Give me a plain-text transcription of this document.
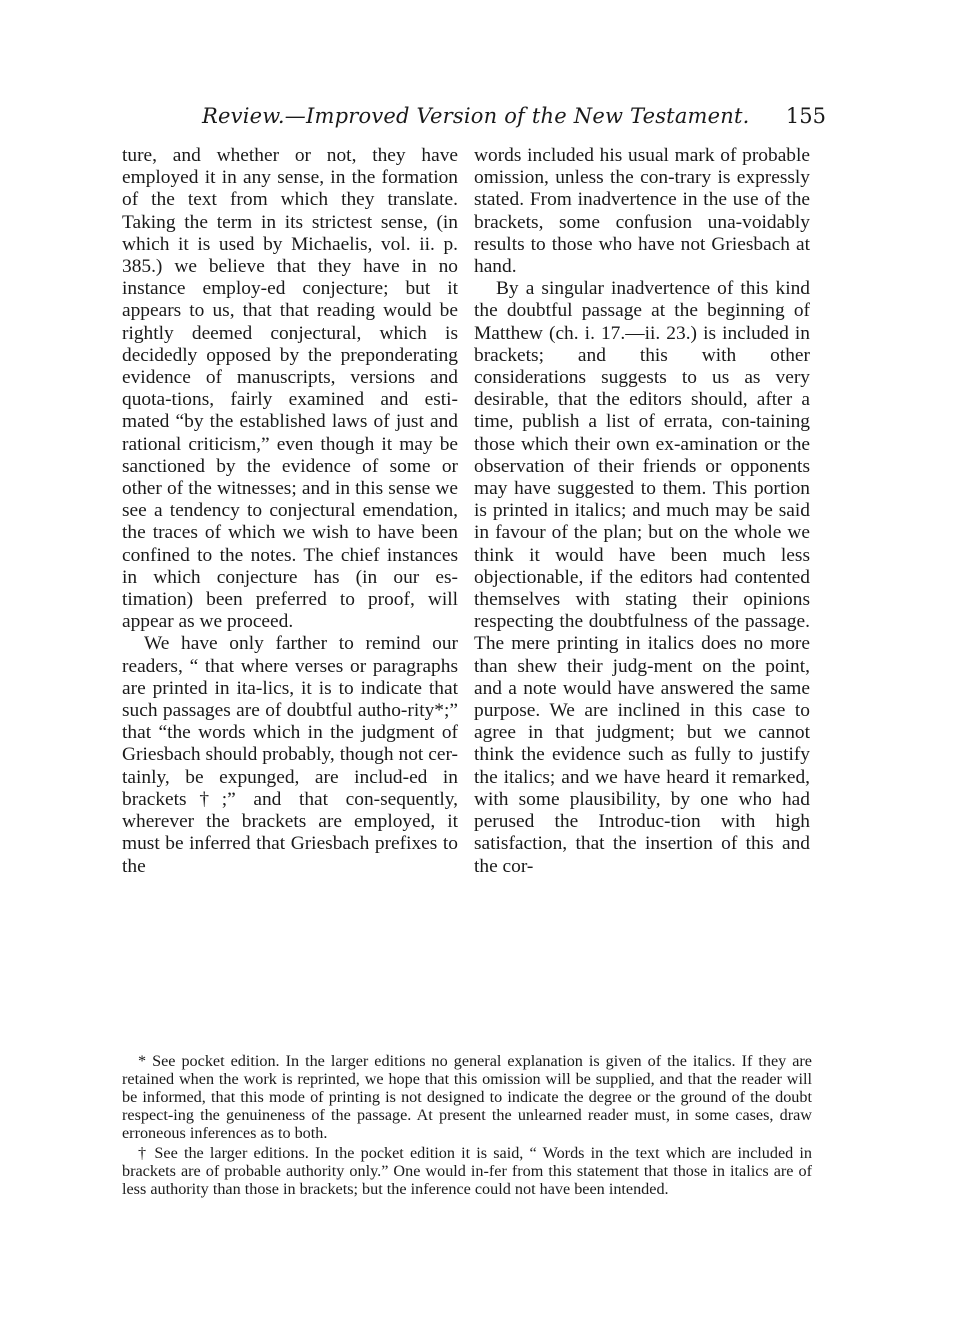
Review.—Improved Version of the New Testament. 155

ture, and whether or not, they have employed it in any sense, in the formation of the text from which they translate. Taking the term in its strictest sense, (in which it is used by Michaelis, vol. ii. p. 385.) we believe that they have in no instance employ-ed conjecture; but it appears to us, that that reading would be rightly deemed conjectural, which is decidedly opposed by the preponderating evidence of manuscripts, versions and quota-tions, fairly examined and esti-mated “by the established laws of just and rational criticism,” even though it may be sanctioned by the evidence of some or other of the witnesses; and in this sense we see a tendency to conjectural emendation, the traces of which we wish to have been confined to the notes. The chief instances in which conjecture has (in our es-timation) been preferred to proof, will appear as we proceed.

We have only farther to remind our readers, “ that where verses or paragraphs are printed in ita-lics, it is to indicate that such passages are of doubtful autho-rity*;” that “the words which in the judgment of Griesbach should probably, though not cer-tainly, be expunged, are includ-ed in brackets†;” and that con-sequently, wherever the brackets are employed, it must be inferred that Griesbach prefixes to the

words included his usual mark of probable omission, unless the con-trary is expressly stated. From inadvertence in the use of the brackets, some confusion una-voidably results to those who have not Griesbach at hand.

By a singular inadvertence of this kind the doubtful passage at the beginning of Matthew (ch. i. 17.—ii. 23.) is included in brackets; and this with other considerations suggests to us as very desirable, that the editors should, after a time, publish a list of errata, con-taining those which their own ex-amination or the observation of their friends or opponents may have suggested to them. This portion is printed in italics; and much may be said in favour of the plan; but on the whole we think it would have been much less objectionable, if the editors had contented themselves with stating their opinions respecting the doubtfulness of the passage. The mere printing in italics does no more than shew their judg-ment on the point, and a note would have answered the same purpose. We are inclined in this case to agree in that judgment; but we cannot think the evidence such as fully to justify the italics; and we have heard it remarked, with some plausibility, by one who had perused the Introduc-tion with high satisfaction, that the insertion of this and the cor-

* See pocket edition. In the larger editions no general explanation is given of the italics. If they are retained when the work is reprinted, we hope that this omission will be supplied, and that the reader will be informed, that this mode of printing is not designed to indicate the degree or the ground of the doubt respect-ing the genuineness of the passage. At present the unlearned reader must, in some cases, draw erroneous inferences as to both.

† See the larger editions. In the pocket edition it is said, “ Words in the text which are included in brackets are of probable authority only.” One would in-fer from this statement that those in italics are of less authority than those in brackets; but the inference could not have been intended.
